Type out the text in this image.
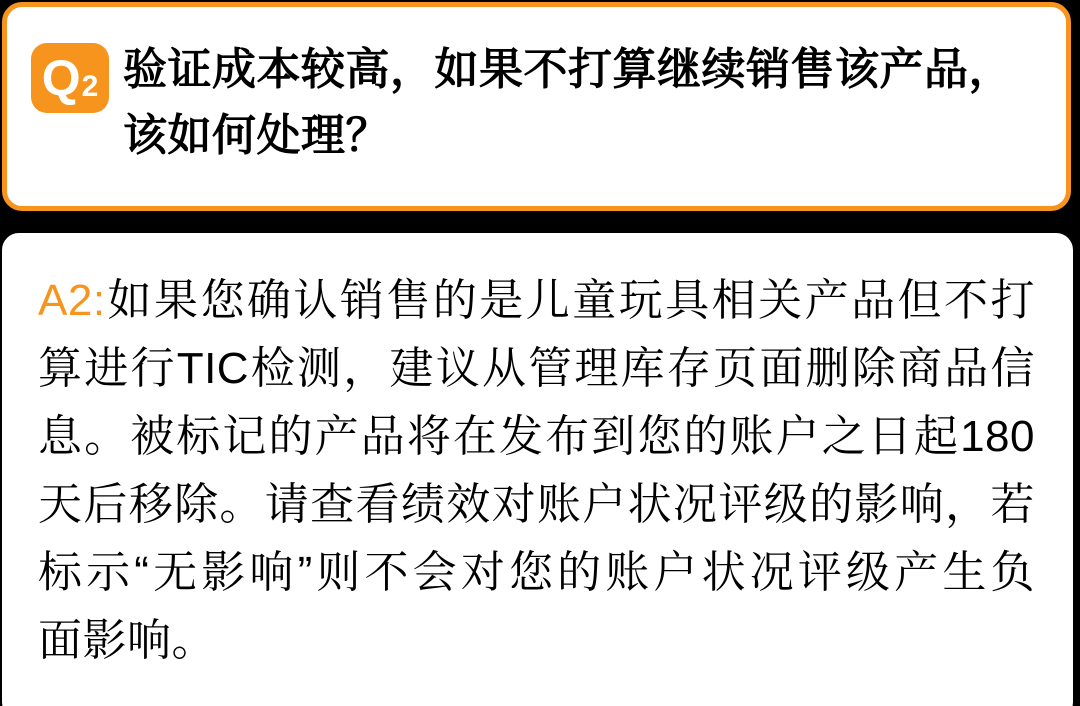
Q 2 验证成本较高，如果不打算继续销售该产品，
该如何处理？
A2:如果您确认销售的是儿童玩具相关产品但不打
算进行TIC检测，建议从管理库存页面删除商品信
息。被标记的产品将在发布到您的账户之日起180
天后移除。请查看绩效对账户状况评级的影响，若
标示“无影响”则不会对您的账户状况评级产生负
面影响。
